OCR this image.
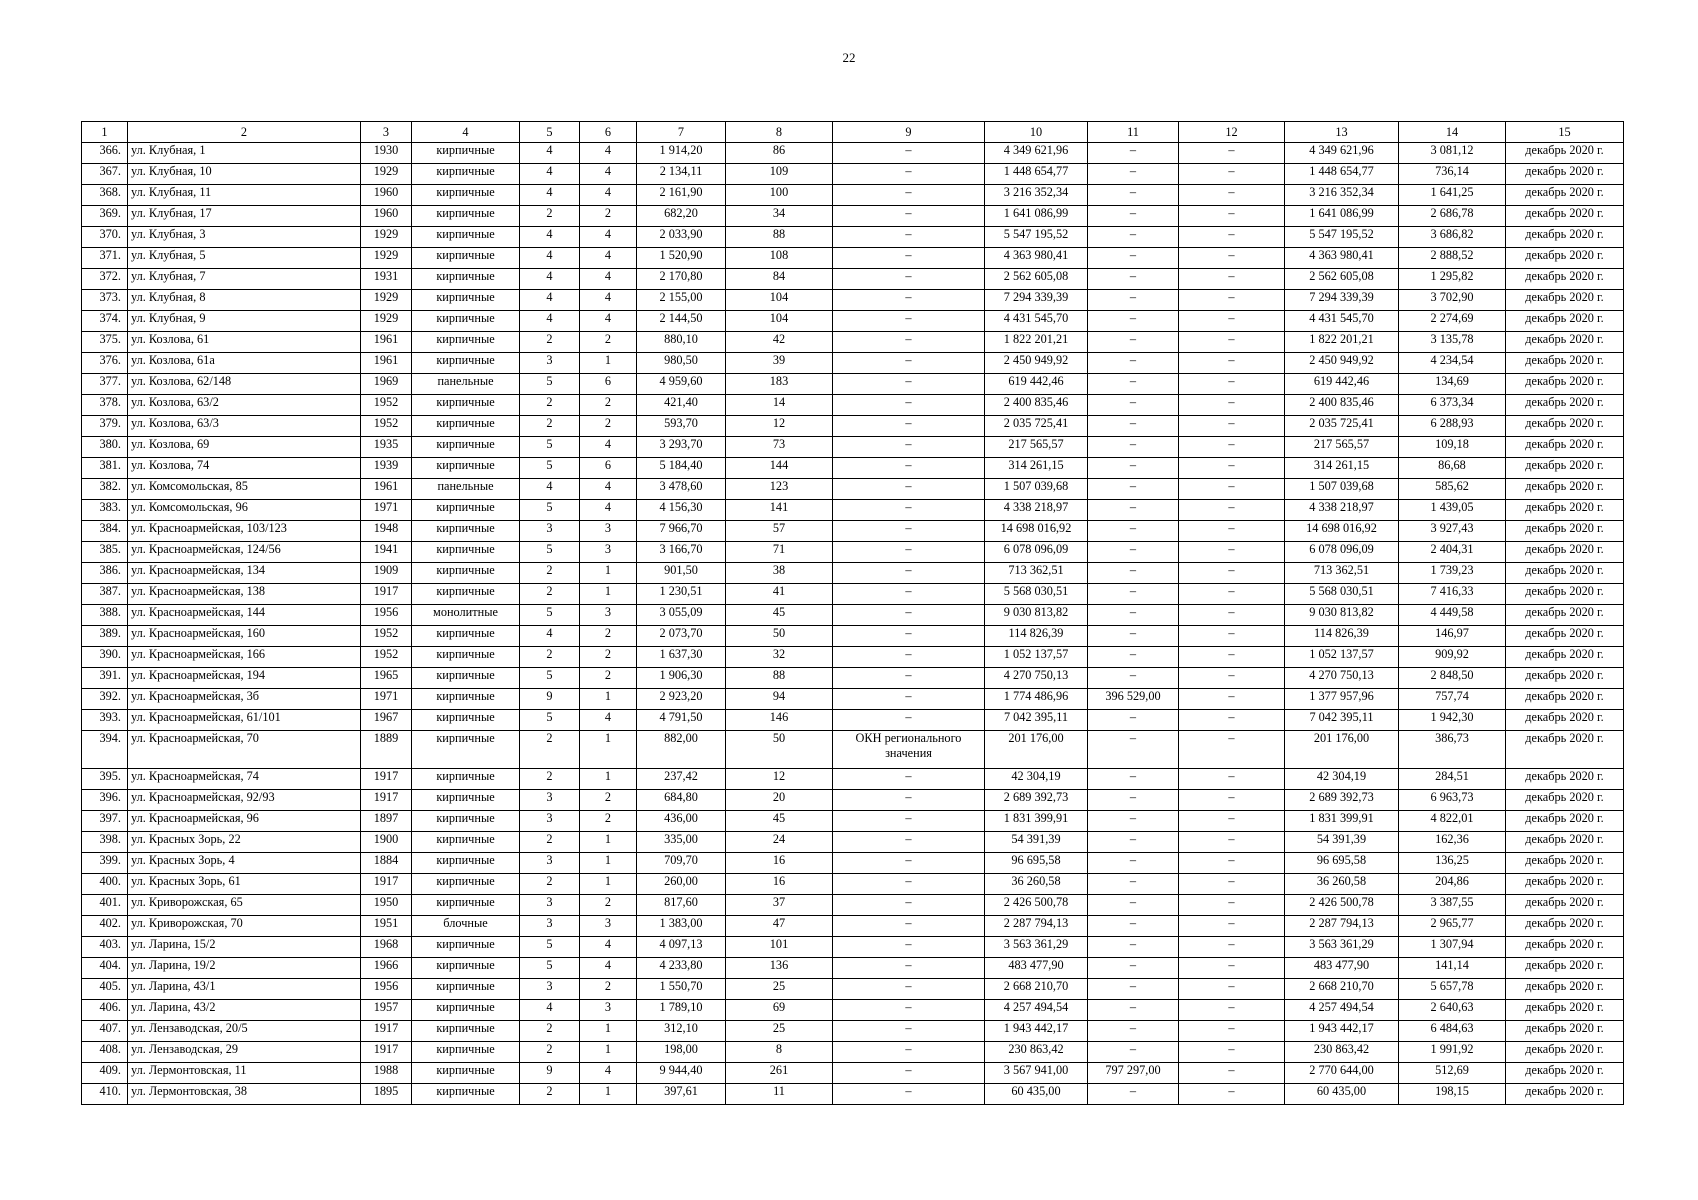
22
1	2	3	4	5	6	7	8	9	10	11	12	13	14	15
366.	ул. Клубная, 1	1930	кирпичные	4	4	1 914,20	86	–	4 349 621,96	–	–	4 349 621,96	3 081,12	декабрь 2020 г.
367.	ул. Клубная, 10	1929	кирпичные	4	4	2 134,11	109	–	1 448 654,77	–	–	1 448 654,77	736,14	декабрь 2020 г.
368.	ул. Клубная, 11	1960	кирпичные	4	4	2 161,90	100	–	3 216 352,34	–	–	3 216 352,34	1 641,25	декабрь 2020 г.
369.	ул. Клубная, 17	1960	кирпичные	2	2	682,20	34	–	1 641 086,99	–	–	1 641 086,99	2 686,78	декабрь 2020 г.
370.	ул. Клубная, 3	1929	кирпичные	4	4	2 033,90	88	–	5 547 195,52	–	–	5 547 195,52	3 686,82	декабрь 2020 г.
371.	ул. Клубная, 5	1929	кирпичные	4	4	1 520,90	108	–	4 363 980,41	–	–	4 363 980,41	2 888,52	декабрь 2020 г.
372.	ул. Клубная, 7	1931	кирпичные	4	4	2 170,80	84	–	2 562 605,08	–	–	2 562 605,08	1 295,82	декабрь 2020 г.
373.	ул. Клубная, 8	1929	кирпичные	4	4	2 155,00	104	–	7 294 339,39	–	–	7 294 339,39	3 702,90	декабрь 2020 г.
374.	ул. Клубная, 9	1929	кирпичные	4	4	2 144,50	104	–	4 431 545,70	–	–	4 431 545,70	2 274,69	декабрь 2020 г.
375.	ул. Козлова, 61	1961	кирпичные	2	2	880,10	42	–	1 822 201,21	–	–	1 822 201,21	3 135,78	декабрь 2020 г.
376.	ул. Козлова, 61а	1961	кирпичные	3	1	980,50	39	–	2 450 949,92	–	–	2 450 949,92	4 234,54	декабрь 2020 г.
377.	ул. Козлова, 62/148	1969	панельные	5	6	4 959,60	183	–	619 442,46	–	–	619 442,46	134,69	декабрь 2020 г.
378.	ул. Козлова, 63/2	1952	кирпичные	2	2	421,40	14	–	2 400 835,46	–	–	2 400 835,46	6 373,34	декабрь 2020 г.
379.	ул. Козлова, 63/3	1952	кирпичные	2	2	593,70	12	–	2 035 725,41	–	–	2 035 725,41	6 288,93	декабрь 2020 г.
380.	ул. Козлова, 69	1935	кирпичные	5	4	3 293,70	73	–	217 565,57	–	–	217 565,57	109,18	декабрь 2020 г.
381.	ул. Козлова, 74	1939	кирпичные	5	6	5 184,40	144	–	314 261,15	–	–	314 261,15	86,68	декабрь 2020 г.
382.	ул. Комсомольская, 85	1961	панельные	4	4	3 478,60	123	–	1 507 039,68	–	–	1 507 039,68	585,62	декабрь 2020 г.
383.	ул. Комсомольская, 96	1971	кирпичные	5	4	4 156,30	141	–	4 338 218,97	–	–	4 338 218,97	1 439,05	декабрь 2020 г.
384.	ул. Красноармейская, 103/123	1948	кирпичные	3	3	7 966,70	57	–	14 698 016,92	–	–	14 698 016,92	3 927,43	декабрь 2020 г.
385.	ул. Красноармейская, 124/56	1941	кирпичные	5	3	3 166,70	71	–	6 078 096,09	–	–	6 078 096,09	2 404,31	декабрь 2020 г.
386.	ул. Красноармейская, 134	1909	кирпичные	2	1	901,50	38	–	713 362,51	–	–	713 362,51	1 739,23	декабрь 2020 г.
387.	ул. Красноармейская, 138	1917	кирпичные	2	1	1 230,51	41	–	5 568 030,51	–	–	5 568 030,51	7 416,33	декабрь 2020 г.
388.	ул. Красноармейская, 144	1956	монолитные	5	3	3 055,09	45	–	9 030 813,82	–	–	9 030 813,82	4 449,58	декабрь 2020 г.
389.	ул. Красноармейская, 160	1952	кирпичные	4	2	2 073,70	50	–	114 826,39	–	–	114 826,39	146,97	декабрь 2020 г.
390.	ул. Красноармейская, 166	1952	кирпичные	2	2	1 637,30	32	–	1 052 137,57	–	–	1 052 137,57	909,92	декабрь 2020 г.
391.	ул. Красноармейская, 194	1965	кирпичные	5	2	1 906,30	88	–	4 270 750,13	–	–	4 270 750,13	2 848,50	декабрь 2020 г.
392.	ул. Красноармейская, 3б	1971	кирпичные	9	1	2 923,20	94	–	1 774 486,96	396 529,00	–	1 377 957,96	757,74	декабрь 2020 г.
393.	ул. Красноармейская, 61/101	1967	кирпичные	5	4	4 791,50	146	–	7 042 395,11	–	–	7 042 395,11	1 942,30	декабрь 2020 г.
394.	ул. Красноармейская, 70	1889	кирпичные	2	1	882,00	50	ОКН регионального значения	201 176,00	–	–	201 176,00	386,73	декабрь 2020 г.
395.	ул. Красноармейская, 74	1917	кирпичные	2	1	237,42	12	–	42 304,19	–	–	42 304,19	284,51	декабрь 2020 г.
396.	ул. Красноармейская, 92/93	1917	кирпичные	3	2	684,80	20	–	2 689 392,73	–	–	2 689 392,73	6 963,73	декабрь 2020 г.
397.	ул. Красноармейская, 96	1897	кирпичные	3	2	436,00	45	–	1 831 399,91	–	–	1 831 399,91	4 822,01	декабрь 2020 г.
398.	ул. Красных Зорь, 22	1900	кирпичные	2	1	335,00	24	–	54 391,39	–	–	54 391,39	162,36	декабрь 2020 г.
399.	ул. Красных Зорь, 4	1884	кирпичные	3	1	709,70	16	–	96 695,58	–	–	96 695,58	136,25	декабрь 2020 г.
400.	ул. Красных Зорь, 61	1917	кирпичные	2	1	260,00	16	–	36 260,58	–	–	36 260,58	204,86	декабрь 2020 г.
401.	ул. Криворожская, 65	1950	кирпичные	3	2	817,60	37	–	2 426 500,78	–	–	2 426 500,78	3 387,55	декабрь 2020 г.
402.	ул. Криворожская, 70	1951	блочные	3	3	1 383,00	47	–	2 287 794,13	–	–	2 287 794,13	2 965,77	декабрь 2020 г.
403.	ул. Ларина, 15/2	1968	кирпичные	5	4	4 097,13	101	–	3 563 361,29	–	–	3 563 361,29	1 307,94	декабрь 2020 г.
404.	ул. Ларина, 19/2	1966	кирпичные	5	4	4 233,80	136	–	483 477,90	–	–	483 477,90	141,14	декабрь 2020 г.
405.	ул. Ларина, 43/1	1956	кирпичные	3	2	1 550,70	25	–	2 668 210,70	–	–	2 668 210,70	5 657,78	декабрь 2020 г.
406.	ул. Ларина, 43/2	1957	кирпичные	4	3	1 789,10	69	–	4 257 494,54	–	–	4 257 494,54	2 640,63	декабрь 2020 г.
407.	ул. Лензаводская, 20/5	1917	кирпичные	2	1	312,10	25	–	1 943 442,17	–	–	1 943 442,17	6 484,63	декабрь 2020 г.
408.	ул. Лензаводская, 29	1917	кирпичные	2	1	198,00	8	–	230 863,42	–	–	230 863,42	1 991,92	декабрь 2020 г.
409.	ул. Лермонтовская, 11	1988	кирпичные	9	4	9 944,40	261	–	3 567 941,00	797 297,00	–	2 770 644,00	512,69	декабрь 2020 г.
410.	ул. Лермонтовская, 38	1895	кирпичные	2	1	397,61	11	–	60 435,00	–	–	60 435,00	198,15	декабрь 2020 г.
